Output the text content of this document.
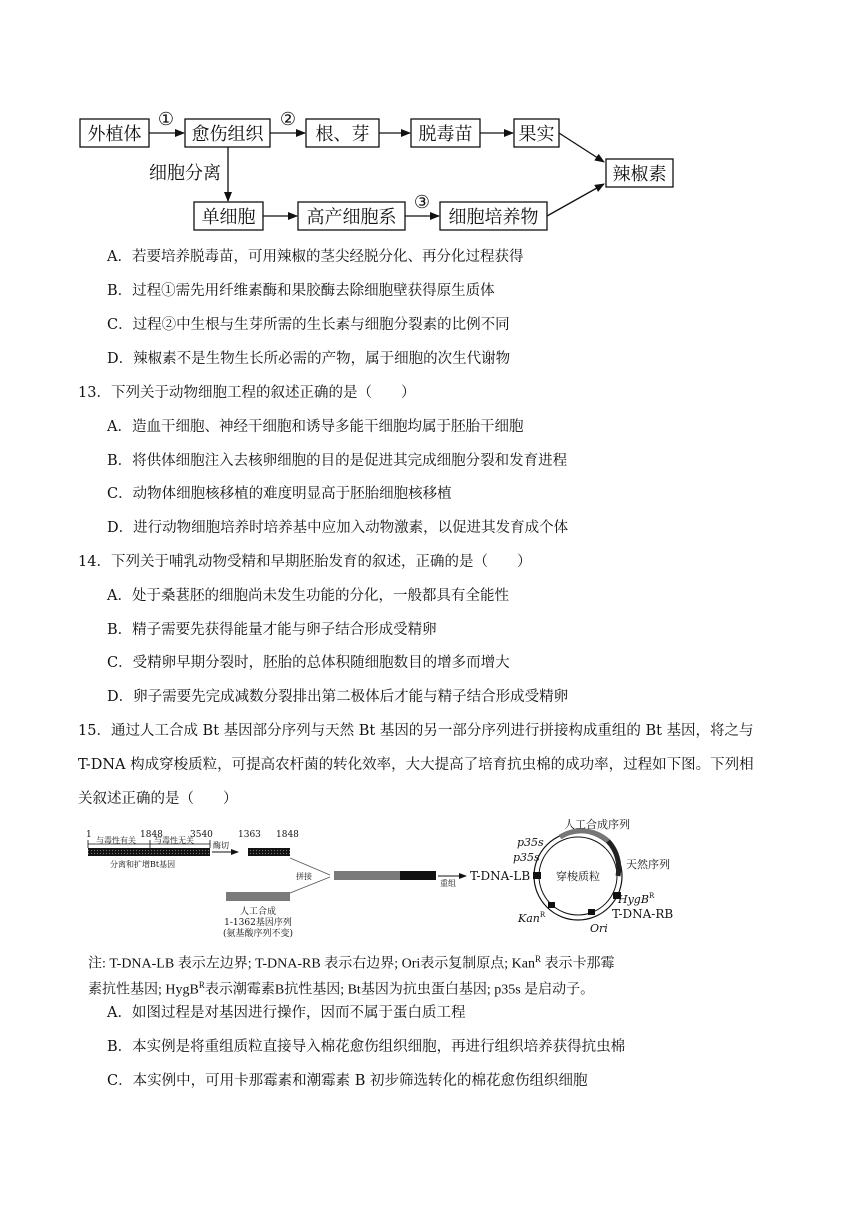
外植体	愈伤组织	根、芽	脱毒苗	果实
辣椒素
单细胞	高产细胞系	细胞培养物
①	②
③
细胞分离
A．若要培养脱毒苗，可用辣椒的茎尖经脱分化、再分化过程获得
B．过程①需先用纤维素酶和果胶酶去除细胞壁获得原生质体
C．过程②中生根与生芽所需的生长素与细胞分裂素的比例不同
D．辣椒素不是生物生长所必需的产物，属于细胞的次生代谢物
13．下列关于动物细胞工程的叙述正确的是（　　）
A．造血干细胞、神经干细胞和诱导多能干细胞均属于胚胎干细胞
B．将供体细胞注入去核卵细胞的目的是促进其完成细胞分裂和发育进程
C．动物体细胞核移植的难度明显高于胚胎细胞核移植
D．进行动物细胞培养时培养基中应加入动物激素，以促进其发育成个体
14．下列关于哺乳动物受精和早期胚胎发育的叙述，正确的是（　　）
A．处于桑葚胚的细胞尚未发生功能的分化，一般都具有全能性
B．精子需要先获得能量才能与卵子结合形成受精卵
C．受精卵早期分裂时，胚胎的总体积随细胞数目的增多而增大
D．卵子需要先完成减数分裂排出第二极体后才能与精子结合形成受精卵
15．通过人工合成 Bt 基因部分序列与天然 Bt 基因的另一部分序列进行拼接构成重组的 Bt 基因，将之与
T-DNA 构成穿梭质粒，可提高农杆菌的转化效率，大大提高了培育抗虫棉的成功率，过程如下图。下列相
关叙述正确的是（　　）
1	1848	3540	1363 1848
与毒性有关 与毒性无关
分离和扩增Bt基因
酶切
拼接
重组
人工合成
1-1362基因序列
(氨基酸序列不变)
穿梭质粒
人工合成序列
天然序列
T-DNA-LB
T-DNA-RB
p35s
p35s
Ori
HygB$^R$
Kan$^R$
注: T-DNA-LB 表示左边界; T-DNA-RB 表示右边界; Ori表示复制原点; Kan$^R$ 表示卡那霉
素抗性基因; HygB$^R$表示潮霉素B抗性基因; Bt基因为抗虫蛋白基因; p35s 是启动子。
A．如图过程是对基因进行操作，因而不属于蛋白质工程
B．本实例是将重组质粒直接导入棉花愈伤组织细胞，再进行组织培养获得抗虫棉
C．本实例中，可用卡那霉素和潮霉素 B 初步筛选转化的棉花愈伤组织细胞
